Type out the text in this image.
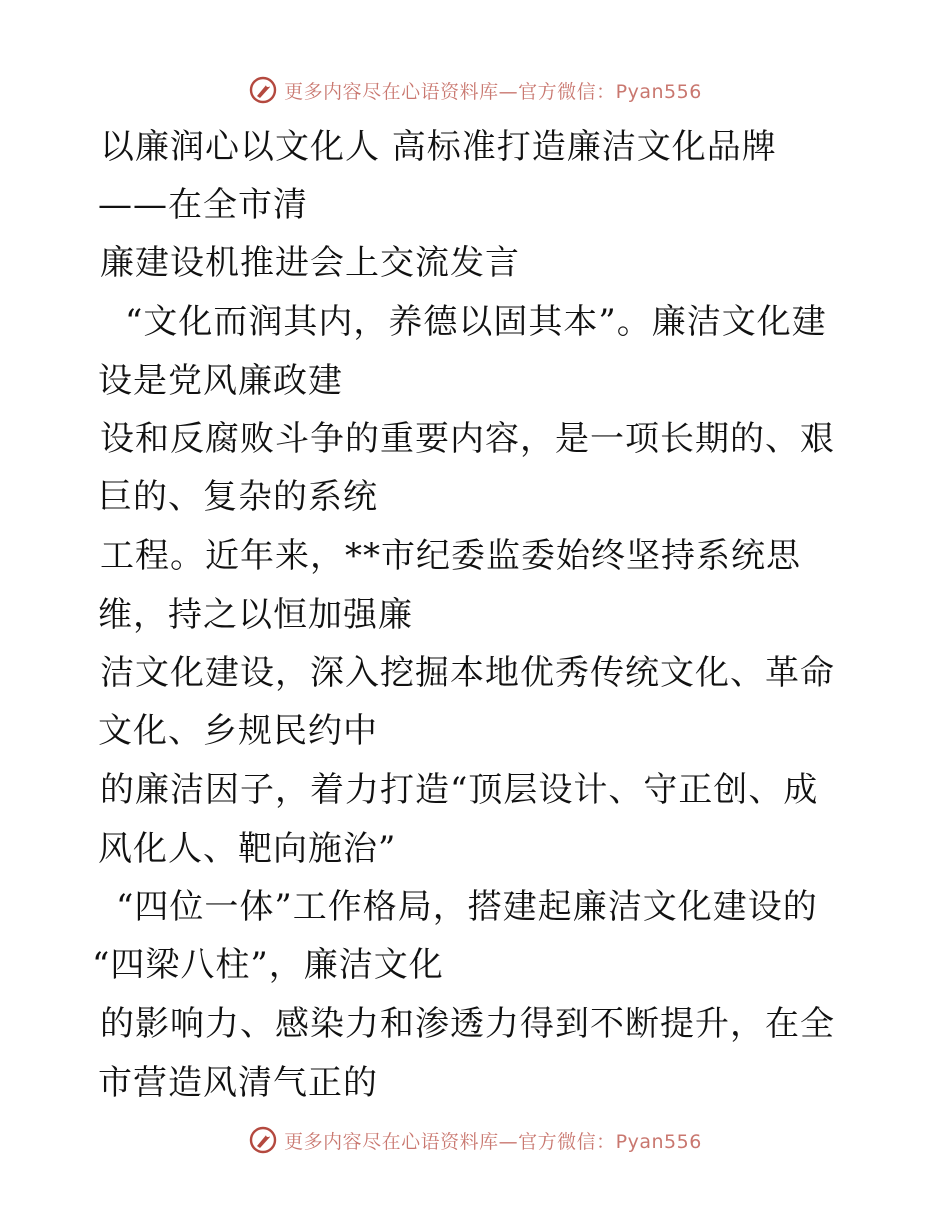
更多内容尽在心语资料库—官方微信：Pyan556
以廉润心以文化人 高标准打造廉洁文化品牌
——在全市清
廉建设机推进会上交流发言
“文化而润其内，养德以固其本”。廉洁文化建
设是党风廉政建
设和反腐败斗争的重要内容，是一项长期的、艰
巨的、复杂的系统
工程。近年来，**市纪委监委始终坚持系统思
维，持之以恒加强廉
洁文化建设，深入挖掘本地优秀传统文化、革命
文化、乡规民约中
的廉洁因子，着力打造“顶层设计、守正创、成
风化人、靶向施治”
“四位一体”工作格局，搭建起廉洁文化建设的
“四梁八柱”，廉洁文化
的影响力、感染力和渗透力得到不断提升，在全
市营造风清气正的
更多内容尽在心语资料库—官方微信：Pyan556
